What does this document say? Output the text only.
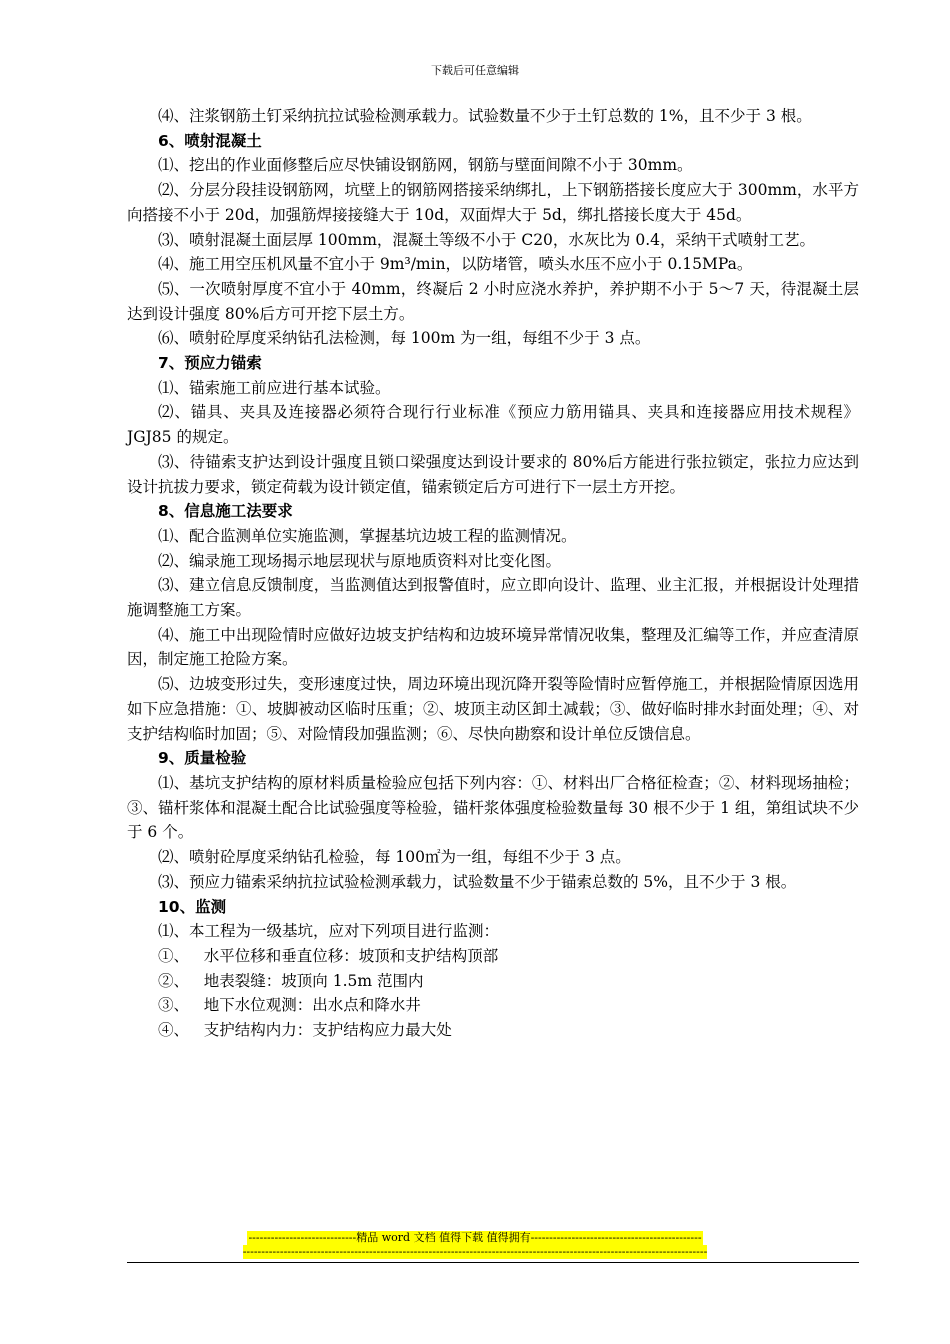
下载后可任意编辑

⑷、注浆钢筋土钉采纳抗拉试验检测承载力。试验数量不少于土钉总数的 1%，且不少于 3 根。

6、喷射混凝土

⑴、挖出的作业面修整后应尽快铺设钢筋网，钢筋与壁面间隙不小于 30mm。

⑵、分层分段挂设钢筋网，坑壁上的钢筋网搭接采纳绑扎，上下钢筋搭接长度应大于 300mm，水平方向搭接不小于 20d，加强筋焊接接缝大于 10d，双面焊大于 5d，绑扎搭接长度大于 45d。

⑶、喷射混凝土面层厚 100mm，混凝土等级不小于 C20，水灰比为 0.4，采纳干式喷射工艺。

⑷、施工用空压机风量不宜小于 9m³/min，以防堵管，喷头水压不应小于 0.15MPa。

⑸、一次喷射厚度不宜小于 40mm，终凝后 2 小时应浇水养护，养护期不小于 5～7 天，待混凝土层达到设计强度 80%后方可开挖下层土方。

⑹、喷射砼厚度采纳钻孔法检测，每 100m 为一组，每组不少于 3 点。

7、预应力锚索

⑴、锚索施工前应进行基本试验。

⑵、锚具、夹具及连接器必须符合现行行业标准《预应力筋用锚具、夹具和连接器应用技术规程》JGJ85 的规定。

⑶、待锚索支护达到设计强度且锁口梁强度达到设计要求的 80%后方能进行张拉锁定，张拉力应达到设计抗拔力要求，锁定荷载为设计锁定值，锚索锁定后方可进行下一层土方开挖。

8、信息施工法要求

⑴、配合监测单位实施监测，掌握基坑边坡工程的监测情况。

⑵、编录施工现场揭示地层现状与原地质资料对比变化图。

⑶、建立信息反馈制度，当监测值达到报警值时，应立即向设计、监理、业主汇报，并根据设计处理措施调整施工方案。

⑷、施工中出现险情时应做好边坡支护结构和边坡环境异常情况收集，整理及汇编等工作，并应查清原因，制定施工抢险方案。

⑸、边坡变形过失，变形速度过快，周边环境出现沉降开裂等险情时应暂停施工，并根据险情原因选用如下应急措施：①、坡脚被动区临时压重；②、坡顶主动区卸土减载；③、做好临时排水封面处理；④、对支护结构临时加固；⑤、对险情段加强监测；⑥、尽快向勘察和设计单位反馈信息。

9、质量检验

⑴、基坑支护结构的原材料质量检验应包括下列内容：①、材料出厂合格征检查；②、材料现场抽检；③、锚杆浆体和混凝土配合比试验强度等检验，锚杆浆体强度检验数量每 30 根不少于 1 组，第组试块不少于 6 个。

⑵、喷射砼厚度采纳钻孔检验，每 100㎡为一组，每组不少于 3 点。

⑶、预应力锚索采纳抗拉试验检测承载力，试验数量不少于锚索总数的 5%，且不少于 3 根。

10、监测

⑴、本工程为一级基坑，应对下列项目进行监测：

①、   水平位移和垂直位移：坡顶和支护结构顶部

②、   地表裂缝：坡顶向 1.5m 范围内

③、   地下水位观测：出水点和降水井

④、   支护结构内力：支护结构应力最大处

-----------------------------精品 word 文档 值得下载 值得拥有----------------------------------------------
-----------------------------------------------------------------------------------------------------------------------------
